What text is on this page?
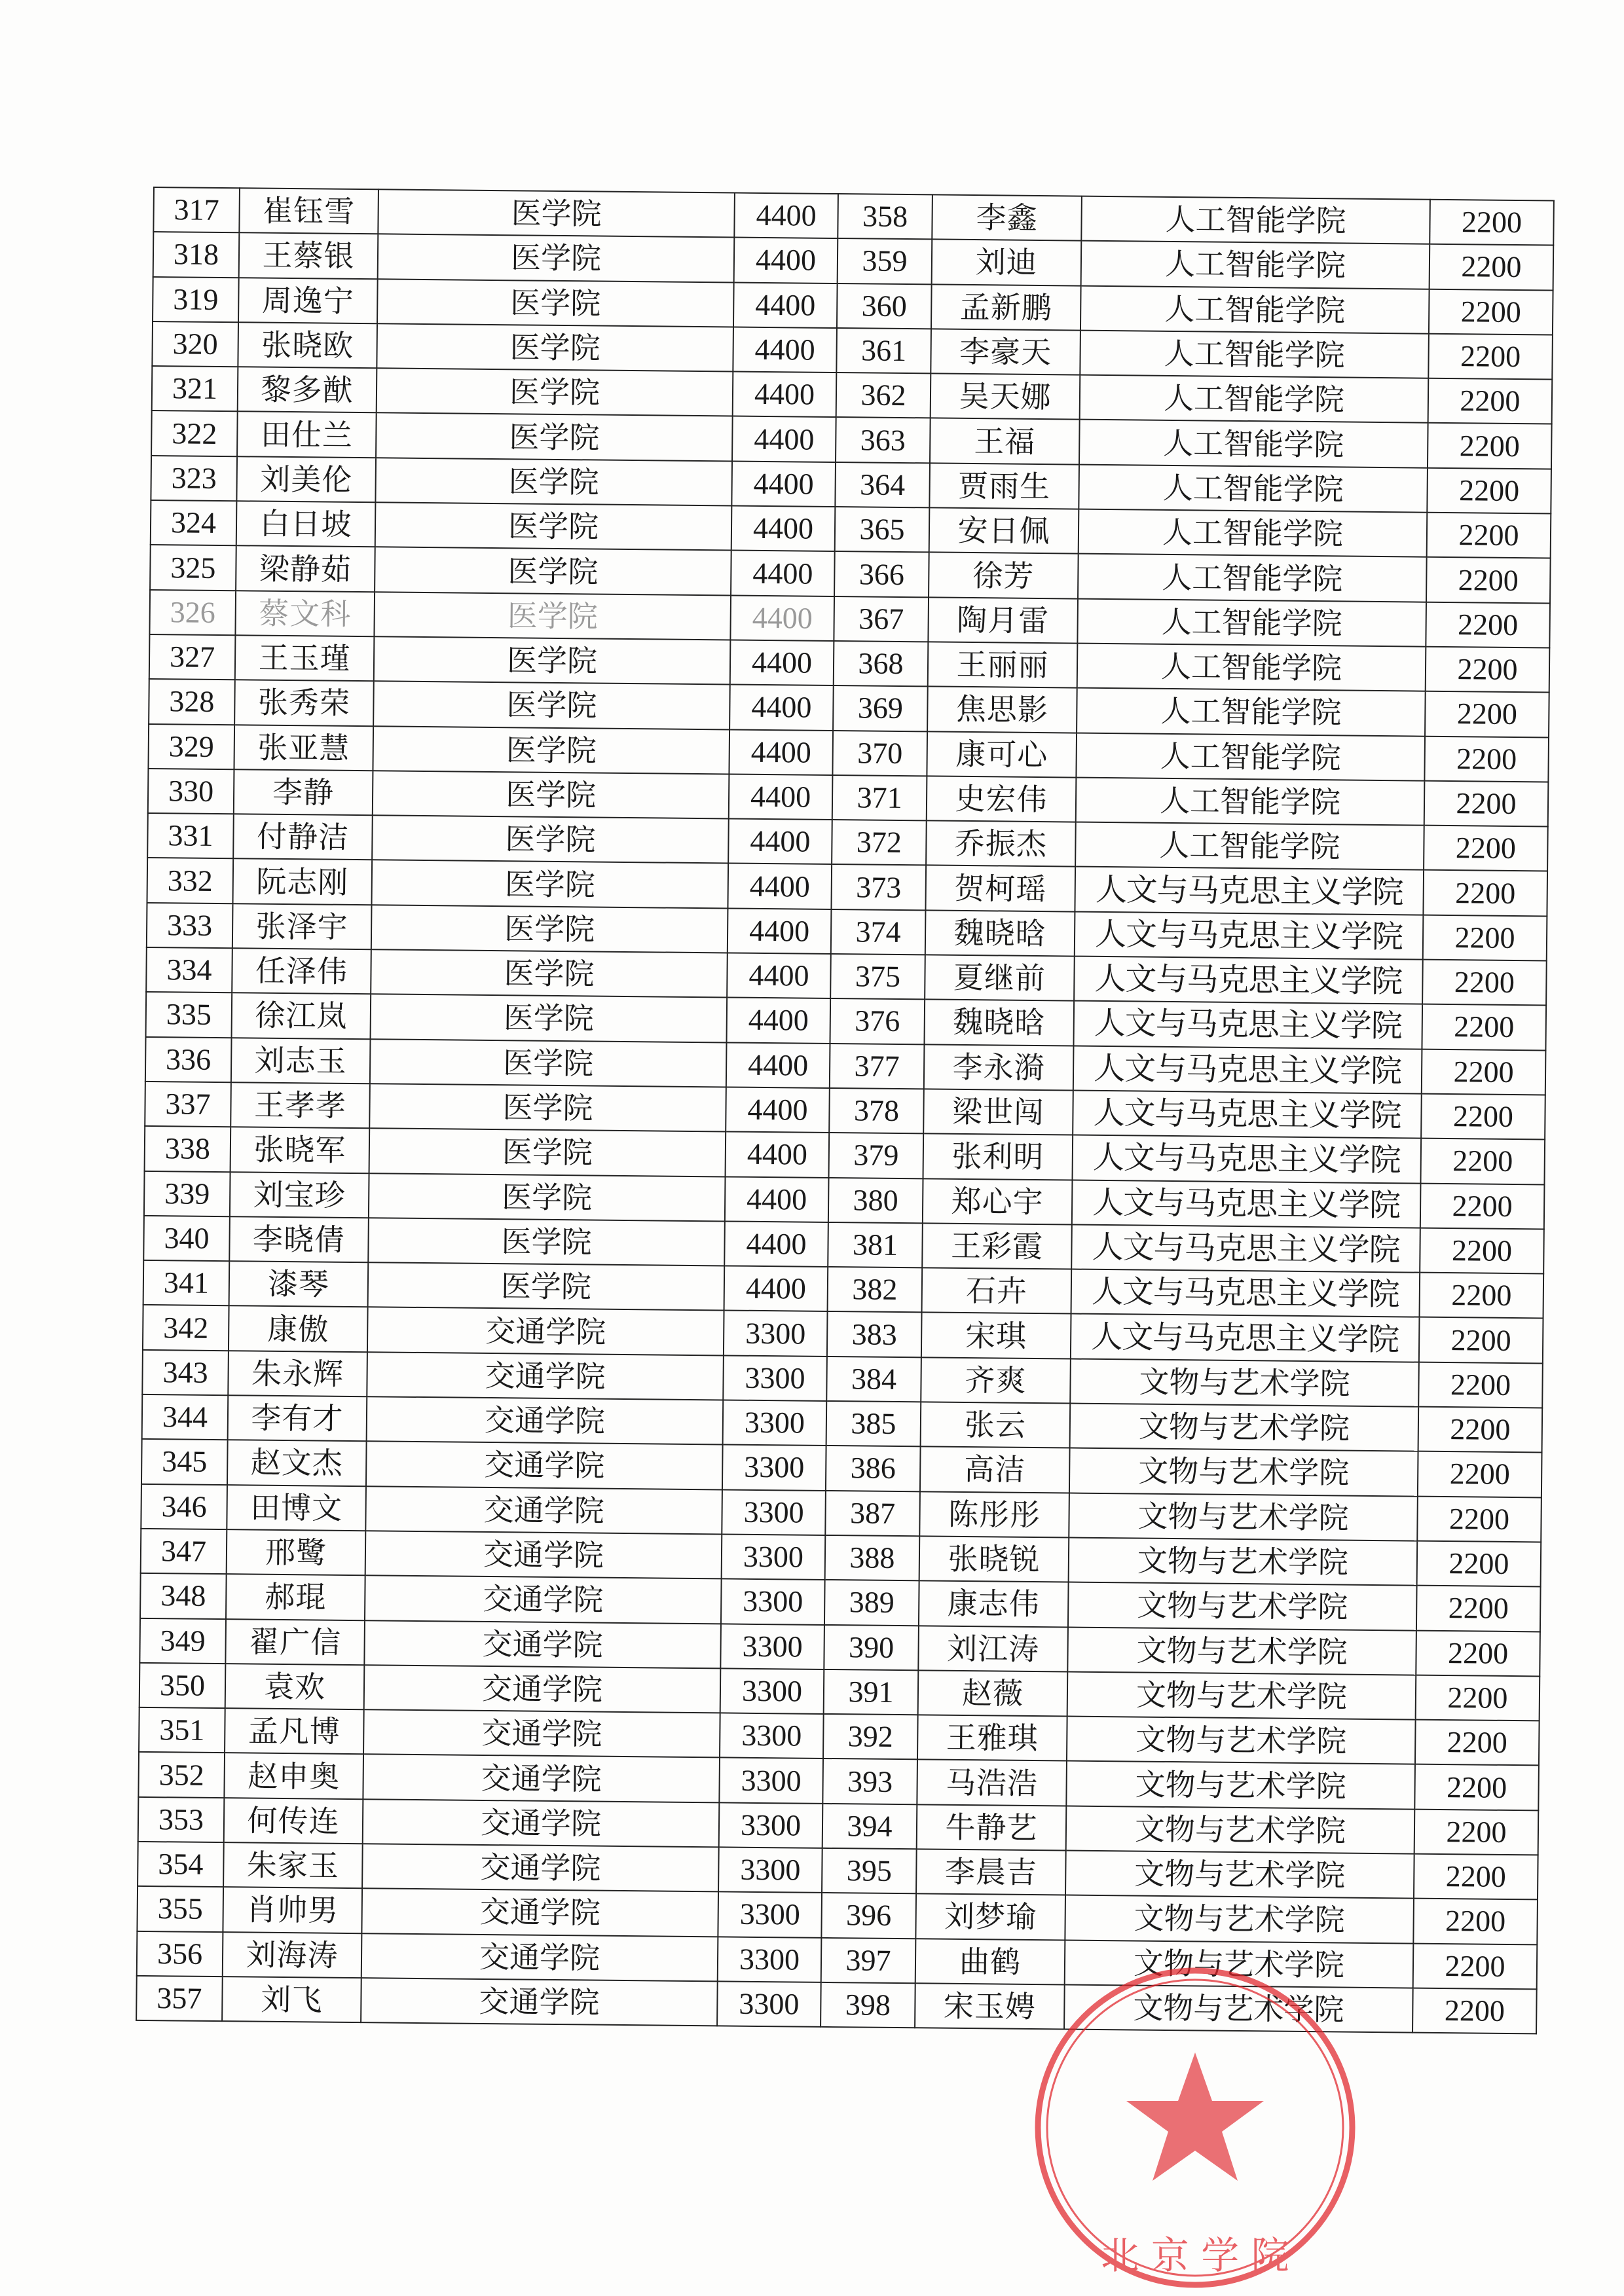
317	崔钰雪	医学院	4400	358	李鑫	人工智能学院	2200
318	王蔡银	医学院	4400	359	刘迪	人工智能学院	2200
319	周逸宁	医学院	4400	360	孟新鹏	人工智能学院	2200
320	张晓欧	医学院	4400	361	李豪天	人工智能学院	2200
321	黎多猷	医学院	4400	362	吴天娜	人工智能学院	2200
322	田仕兰	医学院	4400	363	王福	人工智能学院	2200
323	刘美伦	医学院	4400	364	贾雨生	人工智能学院	2200
324	白日坡	医学院	4400	365	安日佩	人工智能学院	2200
325	梁静茹	医学院	4400	366	徐芳	人工智能学院	2200
326	蔡文科	医学院	4400	367	陶月雷	人工智能学院	2200
327	王玉瑾	医学院	4400	368	王丽丽	人工智能学院	2200
328	张秀荣	医学院	4400	369	焦思影	人工智能学院	2200
329	张亚慧	医学院	4400	370	康可心	人工智能学院	2200
330	李静	医学院	4400	371	史宏伟	人工智能学院	2200
331	付静洁	医学院	4400	372	乔振杰	人工智能学院	2200
332	阮志刚	医学院	4400	373	贺柯瑶	人文与马克思主义学院	2200
333	张泽宇	医学院	4400	374	魏晓晗	人文与马克思主义学院	2200
334	任泽伟	医学院	4400	375	夏继前	人文与马克思主义学院	2200
335	徐江岚	医学院	4400	376	魏晓晗	人文与马克思主义学院	2200
336	刘志玉	医学院	4400	377	李永漪	人文与马克思主义学院	2200
337	王孝孝	医学院	4400	378	梁世闯	人文与马克思主义学院	2200
338	张晓军	医学院	4400	379	张利明	人文与马克思主义学院	2200
339	刘宝珍	医学院	4400	380	郑心宇	人文与马克思主义学院	2200
340	李晓倩	医学院	4400	381	王彩霞	人文与马克思主义学院	2200
341	漆琴	医学院	4400	382	石卉	人文与马克思主义学院	2200
342	康傲	交通学院	3300	383	宋琪	人文与马克思主义学院	2200
343	朱永辉	交通学院	3300	384	齐爽	文物与艺术学院	2200
344	李有才	交通学院	3300	385	张云	文物与艺术学院	2200
345	赵文杰	交通学院	3300	386	高洁	文物与艺术学院	2200
346	田博文	交通学院	3300	387	陈彤彤	文物与艺术学院	2200
347	邢鹭	交通学院	3300	388	张晓锐	文物与艺术学院	2200
348	郝琨	交通学院	3300	389	康志伟	文物与艺术学院	2200
349	翟广信	交通学院	3300	390	刘江涛	文物与艺术学院	2200
350	袁欢	交通学院	3300	391	赵薇	文物与艺术学院	2200
351	孟凡博	交通学院	3300	392	王雅琪	文物与艺术学院	2200
352	赵申奥	交通学院	3300	393	马浩浩	文物与艺术学院	2200
353	何传连	交通学院	3300	394	牛静艺	文物与艺术学院	2200
354	朱家玉	交通学院	3300	395	李晨吉	文物与艺术学院	2200
355	肖帅男	交通学院	3300	396	刘梦瑜	文物与艺术学院	2200
356	刘海涛	交通学院	3300	397	曲鹤	文物与艺术学院	2200
357	刘飞	交通学院	3300	398	宋玉娉	文物与艺术学院	2200
北 京 学 院
